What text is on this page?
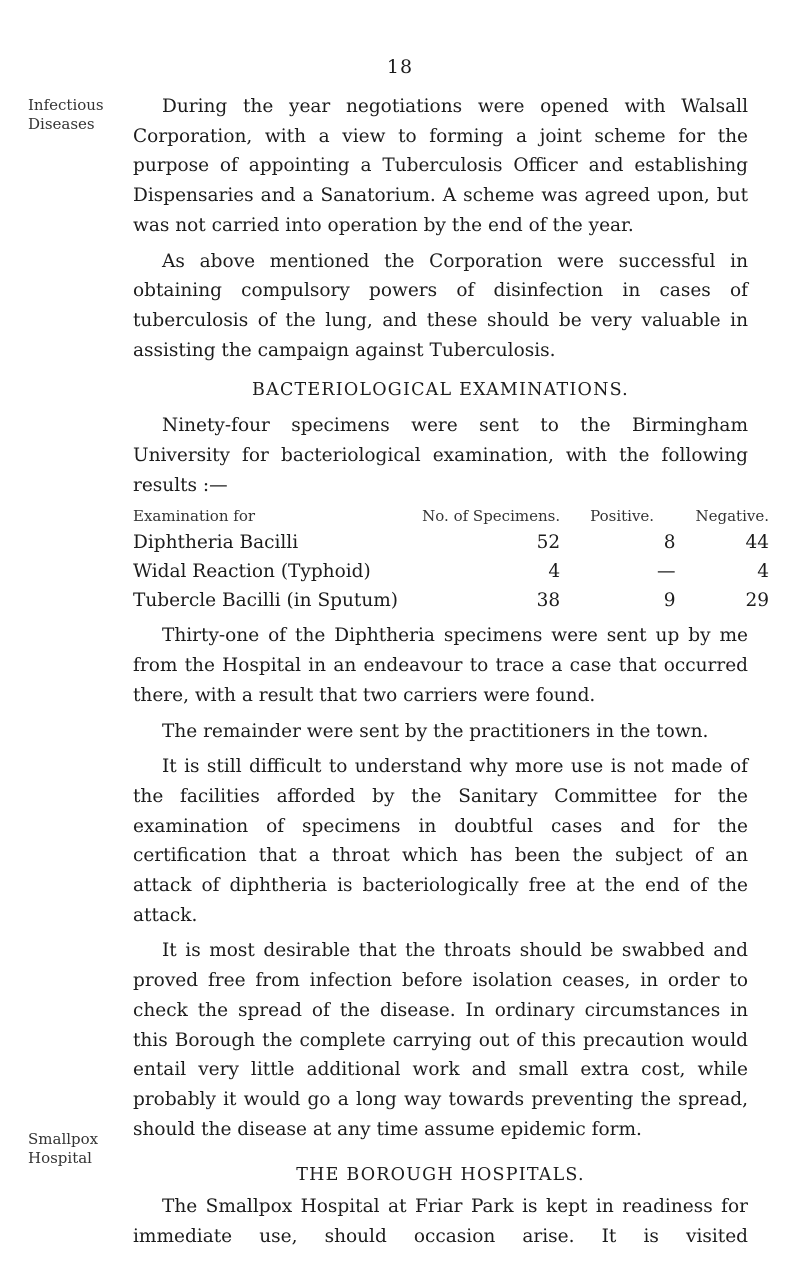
18
Infectious Diseases
Smallpox Hospital

During the year negotiations were opened with Walsall Corporation, with a view to forming a joint scheme for the purpose of appointing a Tuberculosis Officer and establishing Dispensaries and a Sanatorium. A scheme was agreed upon, but was not carried into operation by the end of the year.

As above mentioned the Corporation were successful in obtaining compulsory powers of disinfection in cases of tuberculosis of the lung, and these should be very valuable in assisting the campaign against Tuberculosis.

BACTERIOLOGICAL EXAMINATIONS.

Ninety-four specimens were sent to the Birmingham University for bacteriological examination, with the following results :—

Examination for	No. of Specimens.	Positive.	Negative.
Diphtheria Bacilli	52	8	44
Widal Reaction (Typhoid)	4	—	4
Tubercle Bacilli (in Sputum)	38	9	29

Thirty-one of the Diphtheria specimens were sent up by me from the Hospital in an endeavour to trace a case that occurred there, with a result that two carriers were found.

The remainder were sent by the practitioners in the town.

It is still difficult to understand why more use is not made of the facilities afforded by the Sanitary Committee for the examination of specimens in doubtful cases and for the certification that a throat which has been the subject of an attack of diphtheria is bacteriologically free at the end of the attack.

It is most desirable that the throats should be swabbed and proved free from infection before isolation ceases, in order to check the spread of the disease. In ordinary circumstances in this Borough the complete carrying out of this precaution would entail very little additional work and small extra cost, while probably it would go a long way towards preventing the spread, should the disease at any time assume epidemic form.

THE BOROUGH HOSPITALS.

The Smallpox Hospital at Friar Park is kept in readiness for immediate use, should occasion arise. It is visited
